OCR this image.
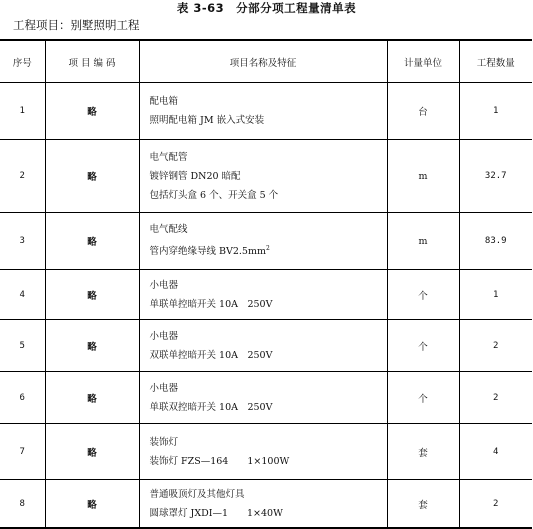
表 3-63　分部分项工程量清单表
工程项目：别墅照明工程
序号	项 目 编 码	项目名称及特征	计量单位	工程数量
1	略	配电箱
照明配电箱 JM 嵌入式安装	台	1
2	略	电气配管
镀锌钢管 DN20 暗配
包括灯头盒 6 个、开关盒 5 个	m	32.7
3	略	电气配线
管内穿绝缘导线 $BV2.5mm^2$	m	83.9
4	略	小电器
单联单控暗开关 10A　250V	个	1
5	略	小电器
双联单控暗开关 10A　250V	个	2
6	略	小电器
单联双控暗开关 10A　250V	个	2
7	略	装饰灯
装饰灯 FZS—164　　1×100W	套	4
8	略	普通吸顶灯及其他灯具
圆球罩灯 JXDI—1　　1×40W	套	2
